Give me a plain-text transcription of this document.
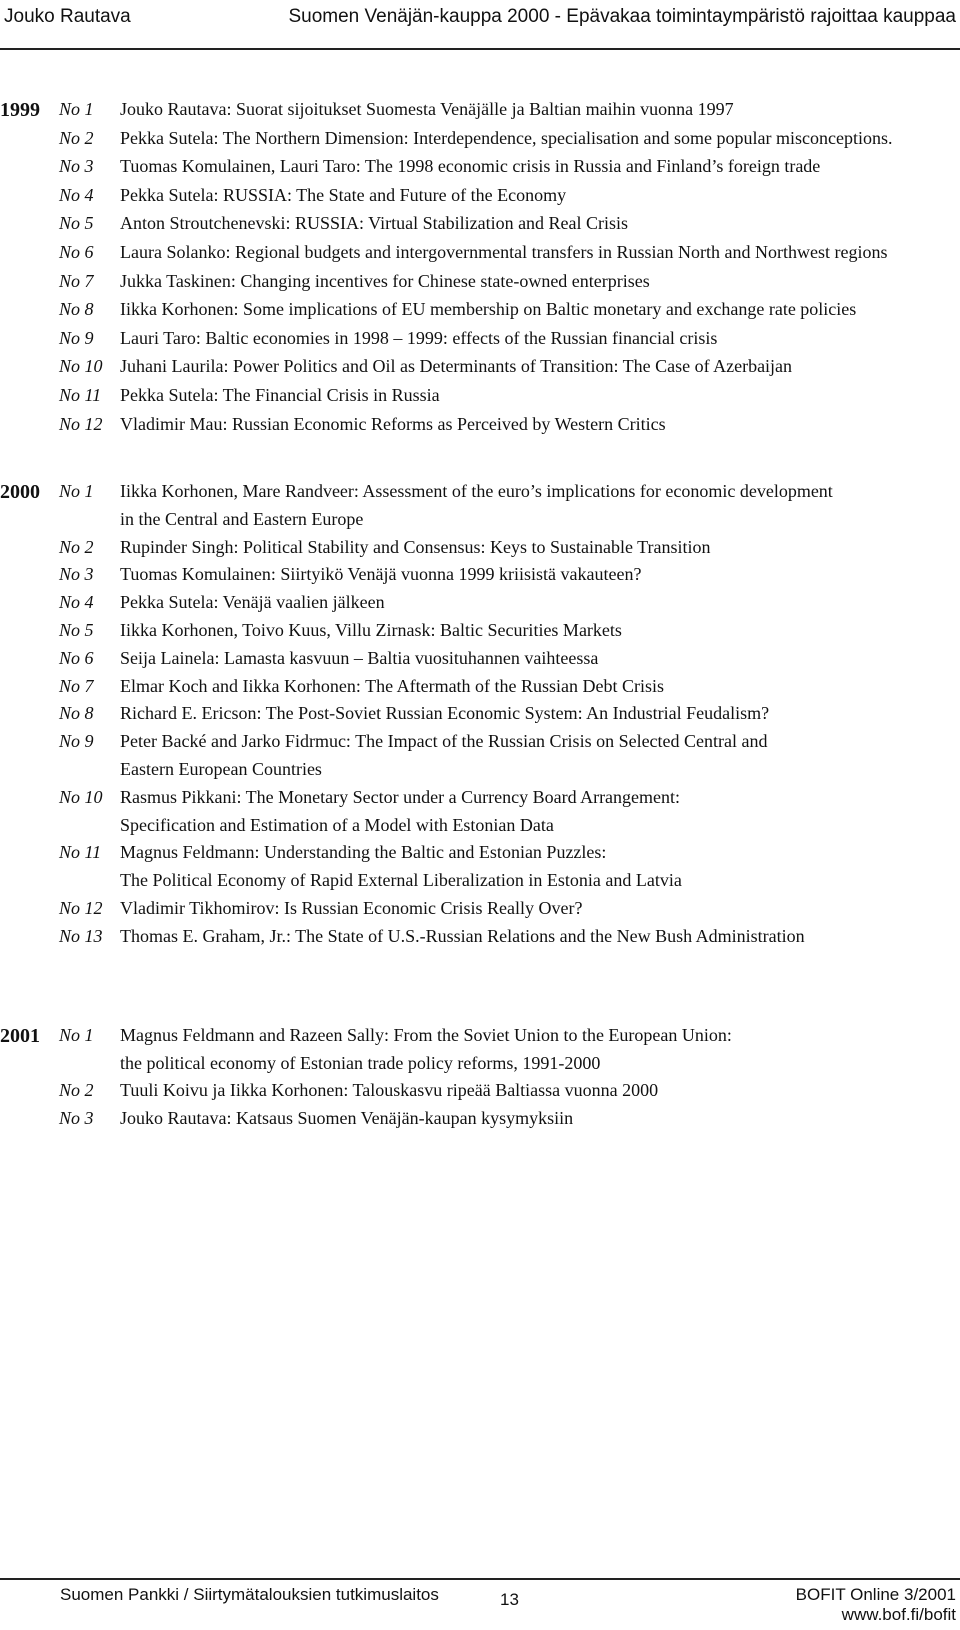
Jouko Rautava	Suomen Venäjän-kauppa 2000 - Epävakaa toimintaympäristö rajoittaa kauppaa
1999 No 1 Jouko Rautava: Suorat sijoitukset Suomesta Venäjälle ja Baltian maihin vuonna 1997
No 2 Pekka Sutela: The Northern Dimension: Interdependence, specialisation and some popular misconceptions.
No 3 Tuomas Komulainen, Lauri Taro: The 1998 economic crisis in Russia and Finland’s foreign trade
No 4 Pekka Sutela: RUSSIA: The State and Future of the Economy
No 5 Anton Stroutchenevski: RUSSIA: Virtual Stabilization and Real Crisis
No 6 Laura Solanko: Regional budgets and intergovernmental transfers in Russian North and Northwest regions
No 7 Jukka Taskinen: Changing incentives for Chinese state-owned enterprises
No 8 Iikka Korhonen: Some implications of EU membership on Baltic monetary and exchange rate policies
No 9 Lauri Taro: Baltic economies in 1998 – 1999: effects of the Russian financial crisis
No 10 Juhani Laurila: Power Politics and Oil as Determinants of Transition: The Case of Azerbaijan
No 11 Pekka Sutela: The Financial Crisis in Russia
No 12 Vladimir Mau: Russian Economic Reforms as Perceived by Western Critics
2000 No 1 Iikka Korhonen, Mare Randveer: Assessment of the euro’s implications for economic development
in the Central and Eastern Europe
No 2 Rupinder Singh: Political Stability and Consensus: Keys to Sustainable Transition
No 3 Tuomas Komulainen: Siirtyikö Venäjä vuonna 1999 kriisistä vakauteen?
No 4 Pekka Sutela: Venäjä vaalien jälkeen
No 5 Iikka Korhonen, Toivo Kuus, Villu Zirnask: Baltic Securities Markets
No 6 Seija Lainela: Lamasta kasvuun – Baltia vuosituhannen vaihteessa
No 7 Elmar Koch and Iikka Korhonen: The Aftermath of the Russian Debt Crisis
No 8 Richard E. Ericson: The Post-Soviet Russian Economic System: An Industrial Feudalism?
No 9 Peter Backé and Jarko Fidrmuc: The Impact of the Russian Crisis on Selected Central and
Eastern European Countries
No 10 Rasmus Pikkani: The Monetary Sector under a Currency Board Arrangement:
Specification and Estimation of a Model with Estonian Data
No 11 Magnus Feldmann: Understanding the Baltic and Estonian Puzzles:
The Political Economy of Rapid External Liberalization in Estonia and Latvia
No 12 Vladimir Tikhomirov: Is Russian Economic Crisis Really Over?
No 13 Thomas E. Graham, Jr.: The State of U.S.-Russian Relations and the New Bush Administration
2001 No 1 Magnus Feldmann and Razeen Sally: From the Soviet Union to the European Union:
the political economy of Estonian trade policy reforms, 1991-2000
No 2 Tuuli Koivu ja Iikka Korhonen: Talouskasvu ripeää Baltiassa vuonna 2000
No 3 Jouko Rautava: Katsaus Suomen Venäjän-kaupan kysymyksiin
Suomen Pankki / Siirtymätalouksien tutkimuslaitos	13	BOFIT Online 3/2001
www.bof.fi/bofit
